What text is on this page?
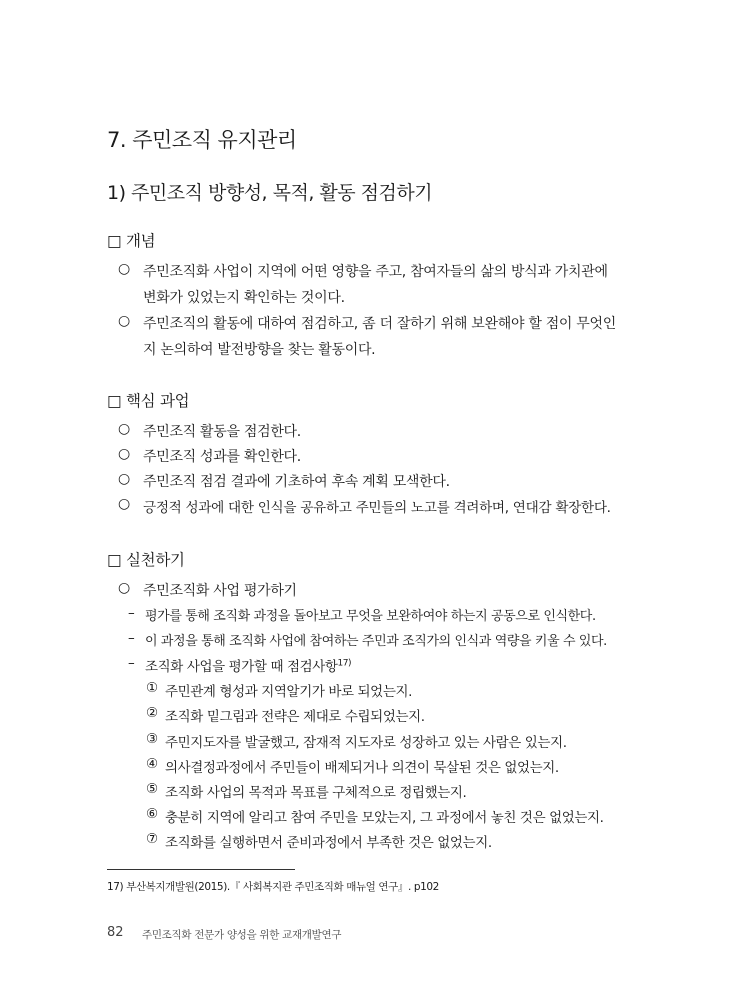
7. 주민조직 유지관리
1) 주민조직 방향성, 목적, 활동 점검하기
□ 개념
○ 주민조직화 사업이 지역에 어떤 영향을 주고, 참여자들의 삶의 방식과 가치관에
변화가 있었는지 확인하는 것이다.
○ 주민조직의 활동에 대하여 점검하고, 좀 더 잘하기 위해 보완해야 할 점이 무엇인
지 논의하여 발전방향을 찾는 활동이다.
□ 핵심 과업
○ 주민조직 활동을 점검한다.
○ 주민조직 성과를 확인한다.
○ 주민조직 점검 결과에 기초하여 후속 계획 모색한다.
○ 긍정적 성과에 대한 인식을 공유하고 주민들의 노고를 격려하며, 연대감 확장한다.
□ 실천하기
○ 주민조직화 사업 평가하기
– 평가를 통해 조직화 과정을 돌아보고 무엇을 보완하여야 하는지 공동으로 인식한다.
– 이 과정을 통해 조직화 사업에 참여하는 주민과 조직가의 인식과 역량을 키울 수 있다.
– 조직화 사업을 평가할 때 점검사항$^{17)}$
① 주민관계 형성과 지역알기가 바로 되었는지.
② 조직화 밑그림과 전략은 제대로 수립되었는지.
③ 주민지도자를 발굴했고, 잠재적 지도자로 성장하고 있는 사람은 있는지.
④ 의사결정과정에서 주민들이 배제되거나 의견이 묵살된 것은 없었는지.
⑤ 조직화 사업의 목적과 목표를 구체적으로 정립했는지.
⑥ 충분히 지역에 알리고 참여 주민을 모았는지, 그 과정에서 놓친 것은 없었는지.
⑦ 조직화를 실행하면서 준비과정에서 부족한 것은 없었는지.
17) 부산복지개발원(2015).『 사회복지관 주민조직화 매뉴얼 연구』. p102
82 주민조직화 전문가 양성을 위한 교재개발연구
